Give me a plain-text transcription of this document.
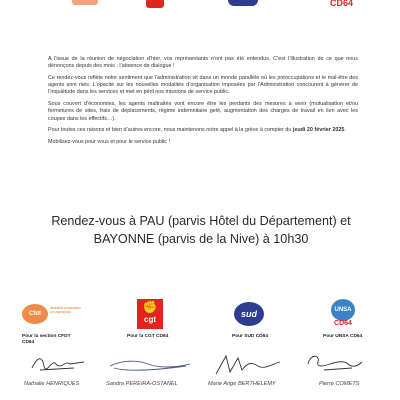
CD64

A l’issue de la réunion de négociation d’hier, vos représentants n’ont pas été entendus. C’est l’illustration de ce que nous dénonçons depuis des mois : l’absence de dialogue !

Ce rendez-vous reflète notre sentiment que l’administration vit dans un monde parallèle où les préoccupations et le mal-être des agents sont niés. L’opacité sur les nouvelles modalités d’organisation imposées par l’Administration concourent à générer de l’inquiétude dans les services et met en péril nos missions de service public.

Sous couvert d’économies, les agents maltraités vont encore être les perdants des mesures à venir (mutualisation et/ou fermetures de sites, frais de déplacements, régime indemnitaire gelé, augmentation des charges de travail en lien avec les coupes dans les effectifs…).

Pour toutes ces raisons et bien d’autres encore, nous maintenons notre appel à la grève à compter du jeudi 20 février 2025.

Mobilisez-vous pour vous et pour le service public !

Rendez-vous à PAU (parvis Hôtel du Département) et BAYONNE (parvis de la Nive) à 10h30
Cfdt
INTERCO PYRENEES-ATLANTIQUES	✊
cgt
sud	UNSA
CD64
Pour la section CFDT CD64
Pour la CGT CD64	Pour SUD CD64	Pour UNSA CD64
Nathalie HENRIQUES	Sandra PEREIRA-OSTANEL	Marie Ange BERTHELEMY	Pierre COMETS
